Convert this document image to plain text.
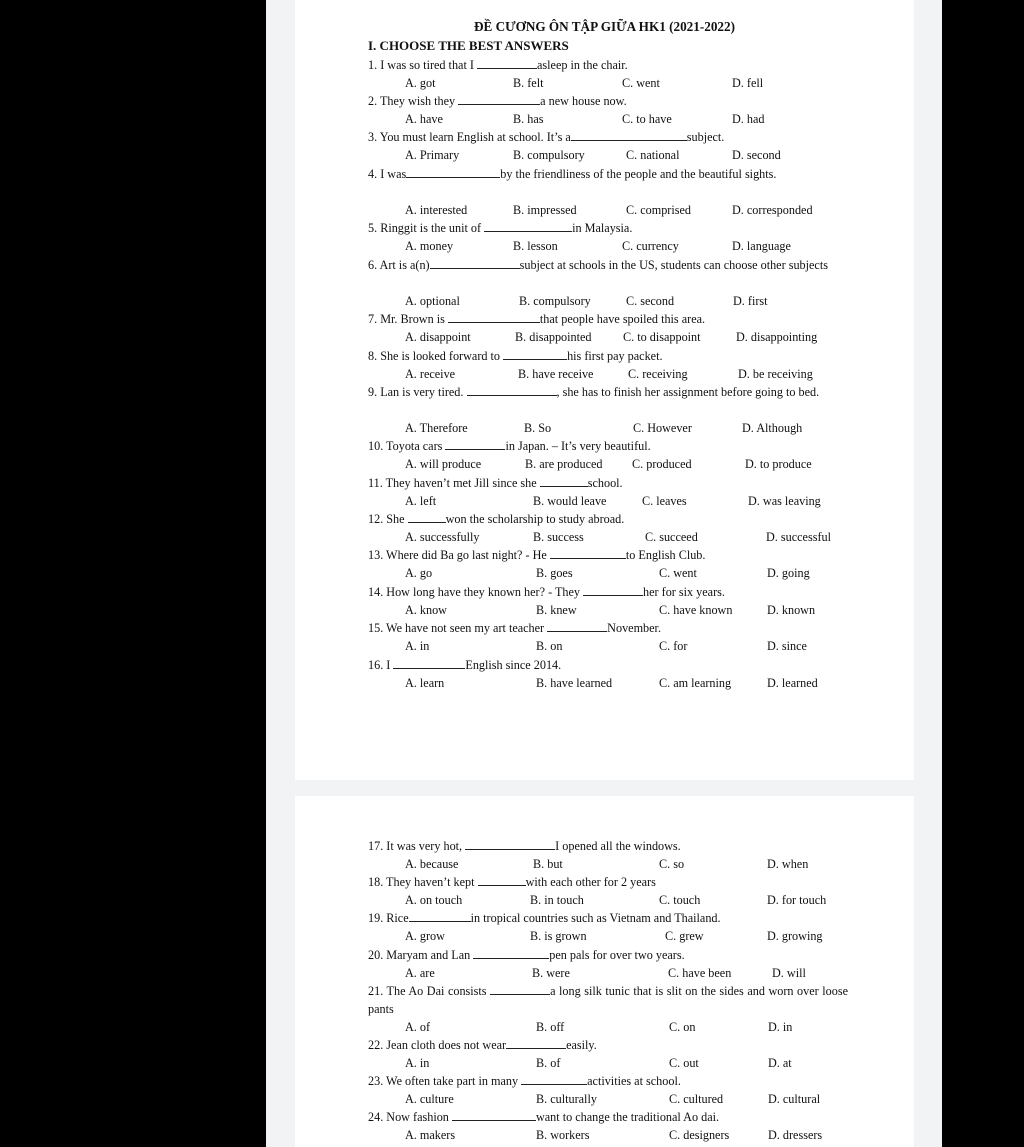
ĐỀ CƯƠNG ÔN TẬP GIỮA HK1 (2021-2022)
I. CHOOSE THE BEST ANSWERS
1. I was so tired that I	asleep in the chair.
A. got	B. felt	C. went	D. fell
2. They wish they	a new house now.
A. have	B. has	C. to have	D. had
3. You must learn English at school. It’s a	subject.
A. Primary	B. compulsory	C. national	D. second
4. I was	by the friendliness of the people and the beautiful sights.
A. interested	B. impressed	C. comprised	D. corresponded
5. Ringgit is the unit of	in Malaysia.
A. money	B. lesson	C. currency	D. language
6. Art is a(n)	subject at schools in the US, students can choose other subjects
A. optional	B. compulsory	C. second	D. first
7. Mr. Brown is	that people have spoiled this area.
A. disappoint	B. disappointed	C. to disappoint	D. disappointing
8. She is looked forward to	his first pay packet.
A. receive	B. have receive	C. receiving	D. be receiving
9. Lan is very tired.	, she has to finish her assignment before going to bed.
A. Therefore	B. So	C. However	D. Although
10. Toyota cars	in Japan. – It’s very beautiful.
A. will produce	B. are produced C. produced	D. to produce
11. They haven’t met Jill since she	school.
A. left	B. would leave	C. leaves	D. was leaving
12. She	won the scholarship to study abroad.
A. successfully	B. success	C. succeed	D. successful
13. Where did Ba go last night? - He	to English Club.
A. go	B. goes	C. went	D. going
14. How long have they known her? - They	her for six years.
A. know	B. knew	C. have known	D. known
15. We have not seen my art teacher	November.
A. in	B. on	C. for	D. since
16. I	English since 2014.
A. learn	B. have learned	C. am learning	D. learned
17. It was very hot,	I opened all the windows.
A. because	B. but	C. so	D. when
18. They haven’t kept	with each other for 2 years
A. on touch	B. in touch	C. touch	D. for touch
19. Rice	in tropical countries such as Vietnam and Thailand.
A. grow	B. is grown	C. grew	D. growing
20. Maryam and Lan	pen pals for over two years.
A. are	B. were	C. have been	D. will
21. The Ao Dai consists	a long silk tunic that is slit on the sides and worn over loose pants
A. of	B. off	C. on	D. in
22. Jean cloth does not wear	easily.
A. in	B. of	C. out	D. at
23. We often take part in many	activities at school.
A. culture	B. culturally	C. cultured	D. cultural
24. Now fashion	want to change the traditional Ao dai.
A. makers	B. workers	C. designers	D. dressers
